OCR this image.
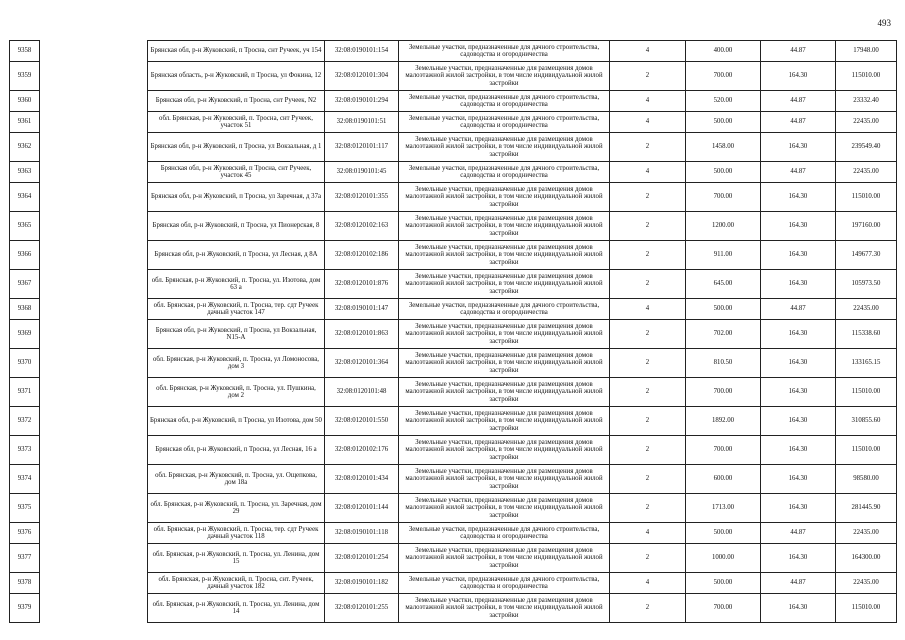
493
9358		Брянская обл, р-н Жуковский, п Тросна, снт Ручеек, уч 154	32:08:0190101:154	Земельные участки, предназначенные для дачного строительства, садоводства и огородничества	4	400.00	44.87	17948.00
9359		Брянская область, р-н Жуковский, п Тросна, ул Фокина, 12	32:08:0120101:304	Земельные участки, предназначенные для размещения домов малоэтажной жилой застройки, в том числе индивидуальной жилой застройки	2	700.00	164.30	115010.00
9360		Брянская обл, р-н Жуковский, п Тросна, снт Ручеек, N2	32:08:0190101:294	Земельные участки, предназначенные для дачного строительства, садоводства и огородничества	4	520.00	44.87	23332.40
9361		обл. Брянская, р-н Жуковский, п. Тросна, снт Ручеек, участок 51	32:08:0190101:51	Земельные участки, предназначенные для дачного строительства, садоводства и огородничества	4	500.00	44.87	22435.00
9362		Брянская обл, р-н Жуковский, п Тросна, ул Вокзальная, д 1	32:08:0120101:117	Земельные участки, предназначенные для размещения домов малоэтажной жилой застройки, в том числе индивидуальной жилой застройки	2	1458.00	164.30	239549.40
9363		Брянская обл, р-н Жуковский, п Тросна, снт Ручеек, участок 45	32:08:0190101:45	Земельные участки, предназначенные для дачного строительства, садоводства и огородничества	4	500.00	44.87	22435.00
9364		Брянская обл, р-н Жуковский, п Тросна, ул Заречная, д 37а	32:08:0120101:355	Земельные участки, предназначенные для размещения домов малоэтажной жилой застройки, в том числе индивидуальной жилой застройки	2	700.00	164.30	115010.00
9365		Брянская обл, р-н Жуковский, п Тросна, ул Пионерская, 8	32:08:0120102:163	Земельные участки, предназначенные для размещения домов малоэтажной жилой застройки, в том числе индивидуальной жилой застройки	2	1200.00	164.30	197160.00
9366		Брянская обл, р-н Жуковский, п Тросна, ул Лесная, д 8А	32:08:0120102:186	Земельные участки, предназначенные для размещения домов малоэтажной жилой застройки, в том числе индивидуальной жилой застройки	2	911.00	164.30	149677.30
9367		обл. Брянская, р-н Жуковский, п. Тросна, ул. Изотова, дом 63 а	32:08:0120101:876	Земельные участки, предназначенные для размещения домов малоэтажной жилой застройки, в том числе индивидуальной жилой застройки	2	645.00	164.30	105973.50
9368		обл. Брянская, р-н Жуковский, п. Тросна, тер. сдт Ручеек дачный участок 147	32:08:0190101:147	Земельные участки, предназначенные для дачного строительства, садоводства и огородничества	4	500.00	44.87	22435.00
9369		Брянская обл, р-н Жуковский, п Тросна, ул Вокзальная, N15-А	32:08:0120101:863	Земельные участки, предназначенные для размещения домов малоэтажной жилой застройки, в том числе индивидуальной жилой застройки	2	702.00	164.30	115338.60
9370		обл. Брянская, р-н Жуковский, п. Тросна, ул Ломоносова, дом 3	32:08:0120101:364	Земельные участки, предназначенные для размещения домов малоэтажной жилой застройки, в том числе индивидуальной жилой застройки	2	810.50	164.30	133165.15
9371		обл. Брянская, р-н Жуковский, п. Тросна, ул. Пушкина, дом 2	32:08:0120101:48	Земельные участки, предназначенные для размещения домов малоэтажной жилой застройки, в том числе индивидуальной жилой застройки	2	700.00	164.30	115010.00
9372		Брянская обл, р-н Жуковский, п Тросна, ул Изотова, дом 50	32:08:0120101:550	Земельные участки, предназначенные для размещения домов малоэтажной жилой застройки, в том числе индивидуальной жилой застройки	2	1892.00	164.30	310855.60
9373		Брянская обл, р-н Жуковский, п Тросна, ул Лесная, 16 а	32:08:0120102:176	Земельные участки, предназначенные для размещения домов малоэтажной жилой застройки, в том числе индивидуальной жилой застройки	2	700.00	164.30	115010.00
9374		обл. Брянская, р-н Жуковский, п. Тросна, ул. Ощепкова, дом 18а	32:08:0120101:434	Земельные участки, предназначенные для размещения домов малоэтажной жилой застройки, в том числе индивидуальной жилой застройки	2	600.00	164.30	98580.00
9375		обл. Брянская, р-н Жуковский, п. Тросна, ул. Заречная, дом 29	32:08:0120101:144	Земельные участки, предназначенные для размещения домов малоэтажной жилой застройки, в том числе индивидуальной жилой застройки	2	1713.00	164.30	281445.90
9376		обл. Брянская, р-н Жуковский, п. Тросна, тер. сдт Ручеек дачный участок 118	32:08:0190101:118	Земельные участки, предназначенные для дачного строительства, садоводства и огородничества	4	500.00	44.87	22435.00
9377		обл. Брянская, р-н Жуковский, п. Тросна, ул. Ленина, дом 15	32:08:0120101:254	Земельные участки, предназначенные для размещения домов малоэтажной жилой застройки, в том числе индивидуальной жилой застройки	2	1000.00	164.30	164300.00
9378		обл. Брянская, р-н Жуковский, п. Тросна, снт. Ручеек, дачный участок 182	32:08:0190101:182	Земельные участки, предназначенные для дачного строительства, садоводства и огородничества	4	500.00	44.87	22435.00
9379		обл. Брянская, р-н Жуковский, п. Тросна, ул. Ленина, дом 14	32:08:0120101:255	Земельные участки, предназначенные для размещения домов малоэтажной жилой застройки, в том числе индивидуальной жилой застройки	2	700.00	164.30	115010.00
